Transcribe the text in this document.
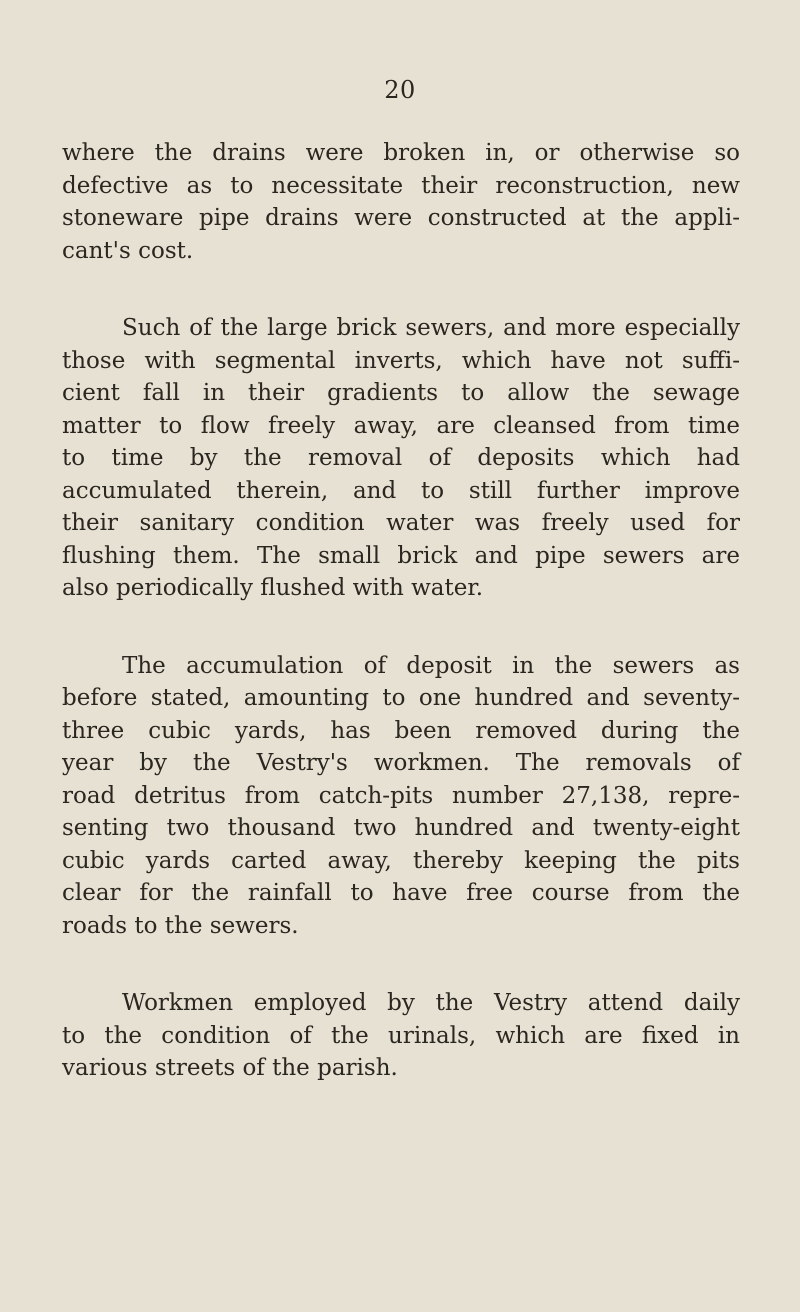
20

where the drains were broken in, or otherwise so
defective as to necessitate their reconstruction, new
stoneware pipe drains were constructed at the appli-
cant's cost.

Such of the large brick sewers, and more especially
those with segmental inverts, which have not suffi-
cient fall in their gradients to allow the sewage
matter to flow freely away, are cleansed from time
to time by the removal of deposits which had
accumulated therein, and to still further improve
their sanitary condition water was freely used for
flushing them. The small brick and pipe sewers are
also periodically flushed with water.

The accumulation of deposit in the sewers as
before stated, amounting to one hundred and seventy-
three cubic yards, has been removed during the
year by the Vestry's workmen. The removals of
road detritus from catch-pits number 27,138, repre-
senting two thousand two hundred and twenty-eight
cubic yards carted away, thereby keeping the pits
clear for the rainfall to have free course from the
roads to the sewers.

Workmen employed by the Vestry attend daily
to the condition of the urinals, which are fixed in
various streets of the parish.
